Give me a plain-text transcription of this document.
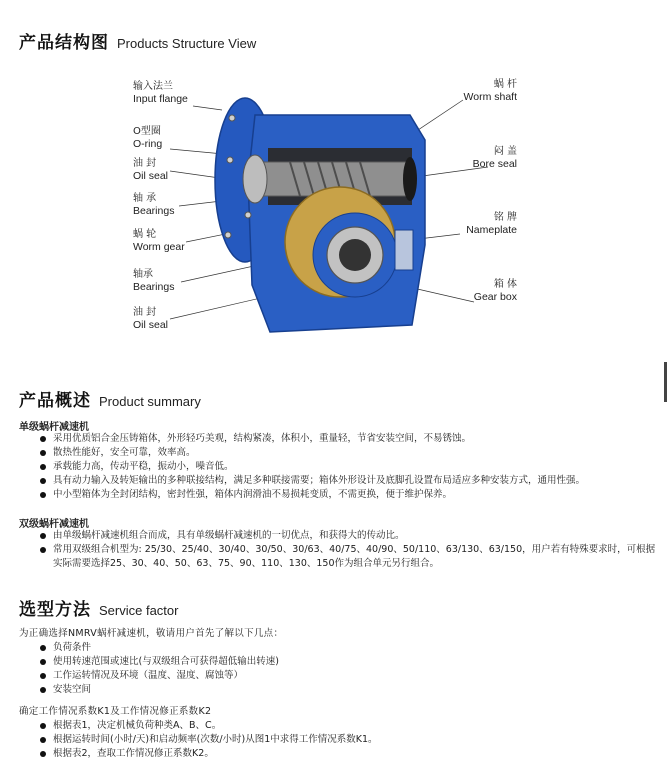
产品结构图 Products Structure View
输入法兰
Input flange
O型圈
O-ring
油 封
Oil seal
轴 承
Bearings
蜗 轮
Worm gear
轴承
Bearings
油 封
Oil seal
蜗 杆
Worm shaft
闷 盖
Bore seal
铭 牌
Nameplate
箱 体
Gear box
产品概述 Product summary
单级蜗杆减速机
采用优质铝合金压铸箱体，外形轻巧美观，结构紧凑，体积小，重量轻，节省安装空间，不易锈蚀。
散热性能好，安全可靠，效率高。
承载能力高，传动平稳，振动小，噪音低。
具有动力输入及转矩输出的多种联接结构，满足多种联接需要；箱体外形设计及底脚孔设置布局适应多种安装方式，通用性强。
中小型箱体为全封闭结构，密封性强，箱体内润滑油不易损耗变质，不需更换，便于维护保养。
双级蜗杆减速机
由单级蜗杆减速机组合而成，具有单级蜗杆减速机的一切优点，和获得大的传动比。
常用双级组合机型为: 25/30、25/40、30/40、30/50、30/63、40/75、40/90、50/110、63/130、63/150，用户若有特殊要求时，可根据实际需要选择25、30、40、50、63、75、90、110、130、150作为组合单元另行组合。
选型方法 Service factor
为正确选择NMRV蜗杆减速机，敬请用户首先了解以下几点：
负荷条件
使用转速范围或速比(与双级组合可获得超低输出转速)
工作运转情况及环境（温度、湿度、腐蚀等）
安装空间
确定工作情况系数K1及工作情况修正系数K2
根据表1，决定机械负荷种类A、B、C。
根据运转时间(小时/天)和启动频率(次数/小时)从图1中求得工作情况系数K1。
根据表2，查取工作情况修正系数K2。
